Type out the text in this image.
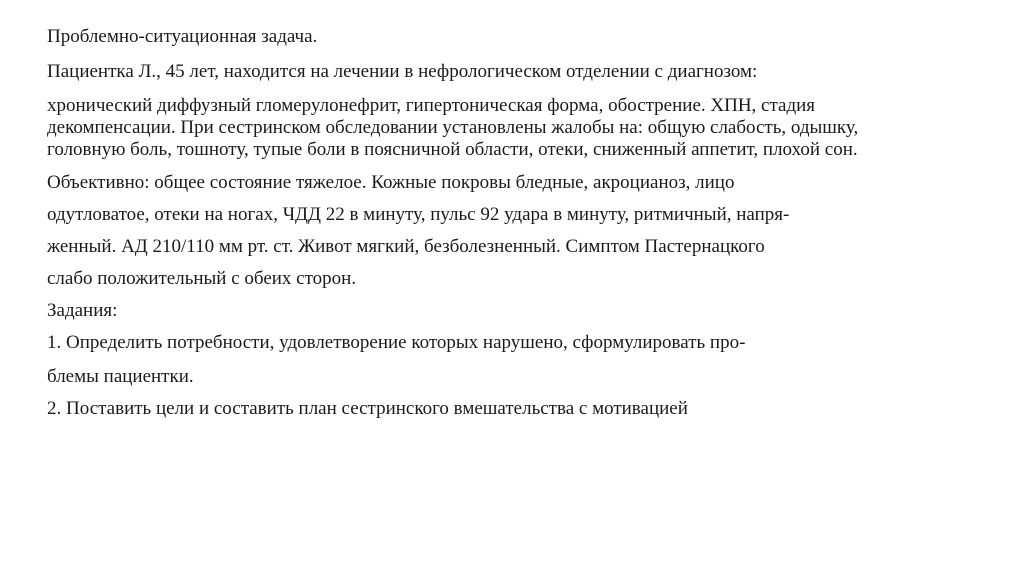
Проблемно-ситуационная задача.

Пациентка Л., 45 лет, находится на лечении в нефрологическом отделении с диагнозом:

хронический диффузный гломерулонефрит, гипертоническая форма, обострение. ХПН, стадия

декомпенсации. При сестринском обследовании установлены жалобы на: общую слабость, одышку,

головную боль, тошноту, тупые боли в поясничной области, отеки, сниженный аппетит, плохой сон.

Объективно: общее состояние тяжелое. Кожные покровы бледные, акроцианоз, лицо

одутловатое, отеки на ногах, ЧДД 22 в минуту, пульс 92 удара в минуту, ритмичный, напря-

женный. АД 210/110 мм рт. ст. Живот мягкий, безболезненный. Симптом Пастернацкого

слабо положительный с обеих сторон.

Задания:

1. Определить потребности, удовлетворение которых нарушено, сформулировать про-

блемы пациентки.

2. Поставить цели и составить план сестринского вмешательства с мотивацией
